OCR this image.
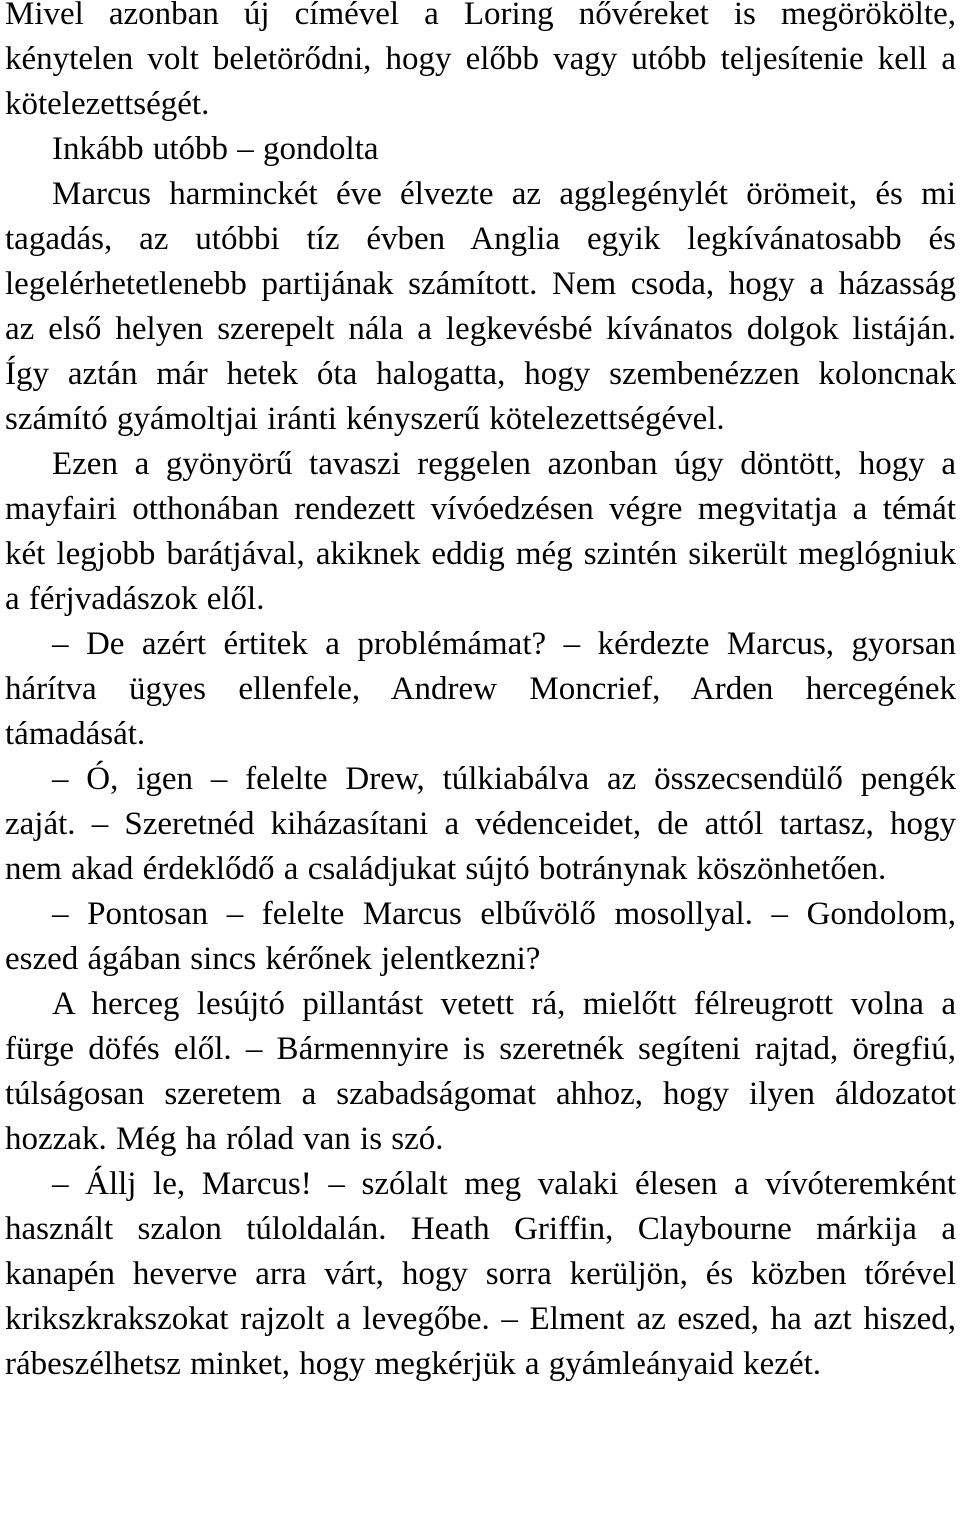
Mivel azonban új címével a Loring nővéreket is megörökölte, kénytelen volt beletörődni, hogy előbb vagy utóbb teljesítenie kell a kötelezettségét.
Inkább utóbb – gondolta
Marcus harminckét éve élvezte az agglegénylét örömeit, és mi tagadás, az utóbbi tíz évben Anglia egyik legkívánatosabb és legelérhetetlenebb partijának számított. Nem csoda, hogy a házasság az első helyen szerepelt nála a legkevésbé kívánatos dolgok listáján. Így aztán már hetek óta halogatta, hogy szembenézzen koloncnak számító gyámoltjai iránti kényszerű kötelezettségével.
Ezen a gyönyörű tavaszi reggelen azonban úgy döntött, hogy a mayfairi otthonában rendezett vívóedzésen végre megvitatja a témát két legjobb barátjával, akiknek eddig még szintén sikerült meglógniuk a férjvadászok elől.
– De azért értitek a problémámat? – kérdezte Marcus, gyorsan hárítva ügyes ellenfele, Andrew Moncrief, Arden hercegének támadását.
– Ó, igen – felelte Drew, túlkiabálva az összecsendülő pengék zaját. – Szeretnéd kiházasítani a védenceidet, de attól tartasz, hogy nem akad érdeklődő a családjukat sújtó botránynak köszönhetően.
– Pontosan – felelte Marcus elbűvölő mosollyal. – Gondolom, eszed ágában sincs kérőnek jelentkezni?
A herceg lesújtó pillantást vetett rá, mielőtt félreugrott volna a fürge döfés elől. – Bármennyire is szeretnék segíteni rajtad, öregfiú, túlságosan szeretem a szabadságomat ahhoz, hogy ilyen áldozatot hozzak. Még ha rólad van is szó.
– Állj le, Marcus! – szólalt meg valaki élesen a vívóteremként használt szalon túloldalán. Heath Griffin, Claybourne márkija a kanapén heverve arra várt, hogy sorra kerüljön, és közben tőrével krikszkrakszokat rajzolt a levegőbe. – Elment az eszed, ha azt hiszed, rábeszélhetsz minket, hogy megkérjük a gyámleányaid kezét.
